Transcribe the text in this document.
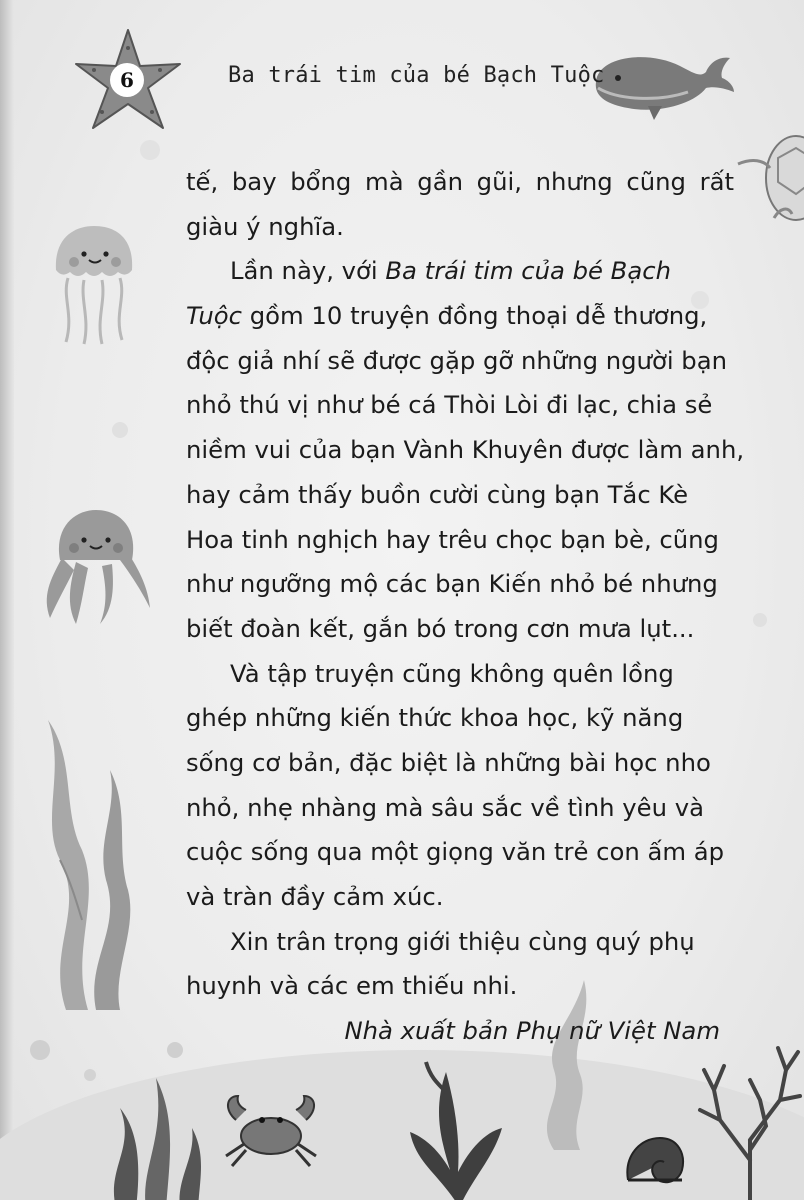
6	Ba trái tim của bé Bạch Tuộc
tế, bay bổng mà gần gũi, nhưng cũng rất
giàu ý nghĩa.
Lần này, với Ba trái tim của bé Bạch
Tuộc gồm 10 truyện đồng thoại dễ thương,
độc giả nhí sẽ được gặp gỡ những người bạn
nhỏ thú vị như bé cá Thòi Lòi đi lạc, chia sẻ
niềm vui của bạn Vành Khuyên được làm anh,
hay cảm thấy buồn cười cùng bạn Tắc Kè
Hoa tinh nghịch hay trêu chọc bạn bè, cũng
như ngưỡng mộ các bạn Kiến nhỏ bé nhưng
biết đoàn kết, gắn bó trong cơn mưa lụt...
Và tập truyện cũng không quên lồng
ghép những kiến thức khoa học, kỹ năng
sống cơ bản, đặc biệt là những bài học nho
nhỏ, nhẹ nhàng mà sâu sắc về tình yêu và
cuộc sống qua một giọng văn trẻ con ấm áp
và tràn đầy cảm xúc.
Xin trân trọng giới thiệu cùng quý phụ
huynh và các em thiếu nhi.
Nhà xuất bản Phụ nữ Việt Nam
